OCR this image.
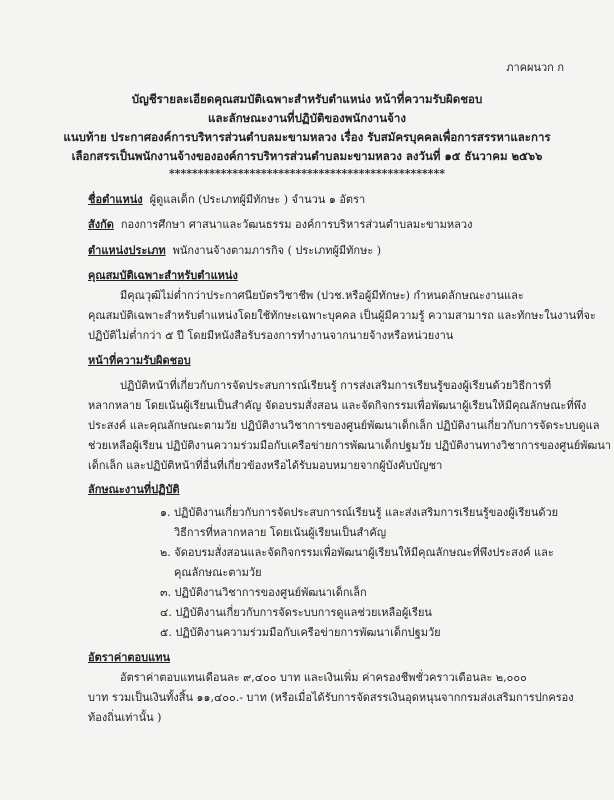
ภาคผนวก ก
บัญชีรายละเอียดคุณสมบัติเฉพาะสำหรับตำแหน่ง หน้าที่ความรับผิดชอบ
และลักษณะงานที่ปฏิบัติของพนักงานจ้าง
แนบท้าย ประกาศองค์การบริหารส่วนตำบลมะขามหลวง เรื่อง รับสมัครบุคคลเพื่อการสรรหาและการ
เลือกสรรเป็นพนักงานจ้างขององค์การบริหารส่วนตำบลมะขามหลวง ลงวันที่ ๑๕ ธันวาคม ๒๕๖๖
************************************************
ชื่อตำแหน่ง ผู้ดูแลเด็ก (ประเภทผู้มีทักษะ ) จำนวน ๑ อัตรา
สังกัด กองการศึกษา ศาสนาและวัฒนธรรม องค์การบริหารส่วนตำบลมะขามหลวง
ตำแหน่งประเภท พนักงานจ้างตามภารกิจ ( ประเภทผู้มีทักษะ )
คุณสมบัติเฉพาะสำหรับตำแหน่ง
มีคุณวุฒิไม่ต่ำกว่าประกาศนียบัตรวิชาชีพ (ปวช.หรือผู้มีทักษะ) กำหนดลักษณะงานและ
คุณสมบัติเฉพาะสำหรับตำแหน่งโดยใช้ทักษะเฉพาะบุคคล เป็นผู้มีความรู้ ความสามารถ และทักษะในงานที่จะ
ปฏิบัติไม่ต่ำกว่า ๕ ปี โดยมีหนังสือรับรองการทำงานจากนายจ้างหรือหน่วยงาน
หน้าที่ความรับผิดชอบ
ปฏิบัติหน้าที่เกี่ยวกับการจัดประสบการณ์เรียนรู้ การส่งเสริมการเรียนรู้ของผู้เรียนด้วยวิธีการที่
หลากหลาย โดยเน้นผู้เรียนเป็นสำคัญ จัดอบรมสั่งสอน และจัดกิจกรรมเพื่อพัฒนาผู้เรียนให้มีคุณลักษณะที่พึง
ประสงค์ และคุณลักษณะตามวัย ปฏิบัติงานวิชาการของศูนย์พัฒนาเด็กเล็ก ปฏิบัติงานเกี่ยวกับการจัดระบบดูแล
ช่วยเหลือผู้เรียน ปฏิบัติงานความร่วมมือกับเครือข่ายการพัฒนาเด็กปฐมวัย ปฏิบัติงานทางวิชาการของศูนย์พัฒนา
เด็กเล็ก และปฏิบัติหน้าที่อื่นที่เกี่ยวข้องหรือได้รับมอบหมายจากผู้บังคับบัญชา
ลักษณะงานที่ปฏิบัติ
๑. ปฏิบัติงานเกี่ยวกับการจัดประสบการณ์เรียนรู้ และส่งเสริมการเรียนรู้ของผู้เรียนด้วย
วิธีการที่หลากหลาย โดยเน้นผู้เรียนเป็นสำคัญ
๒. จัดอบรมสั่งสอนและจัดกิจกรรมเพื่อพัฒนาผู้เรียนให้มีคุณลักษณะที่พึงประสงค์ และ
คุณลักษณะตามวัย
๓. ปฏิบัติงานวิชาการของศูนย์พัฒนาเด็กเล็ก
๔. ปฏิบัติงานเกี่ยวกับการจัดระบบการดูแลช่วยเหลือผู้เรียน
๕. ปฏิบัติงานความร่วมมือกับเครือข่ายการพัฒนาเด็กปฐมวัย
อัตราค่าตอบแทน
อัตราค่าตอบแทนเดือนละ ๙,๔๐๐ บาท และเงินเพิ่ม ค่าครองชีพชั่วคราวเดือนละ ๒,๐๐๐
บาท รวมเป็นเงินทั้งสิ้น ๑๑,๔๐๐.- บาท (หรือเมื่อได้รับการจัดสรรเงินอุดหนุนจากกรมส่งเสริมการปกครอง
ท้องถิ่นเท่านั้น )
